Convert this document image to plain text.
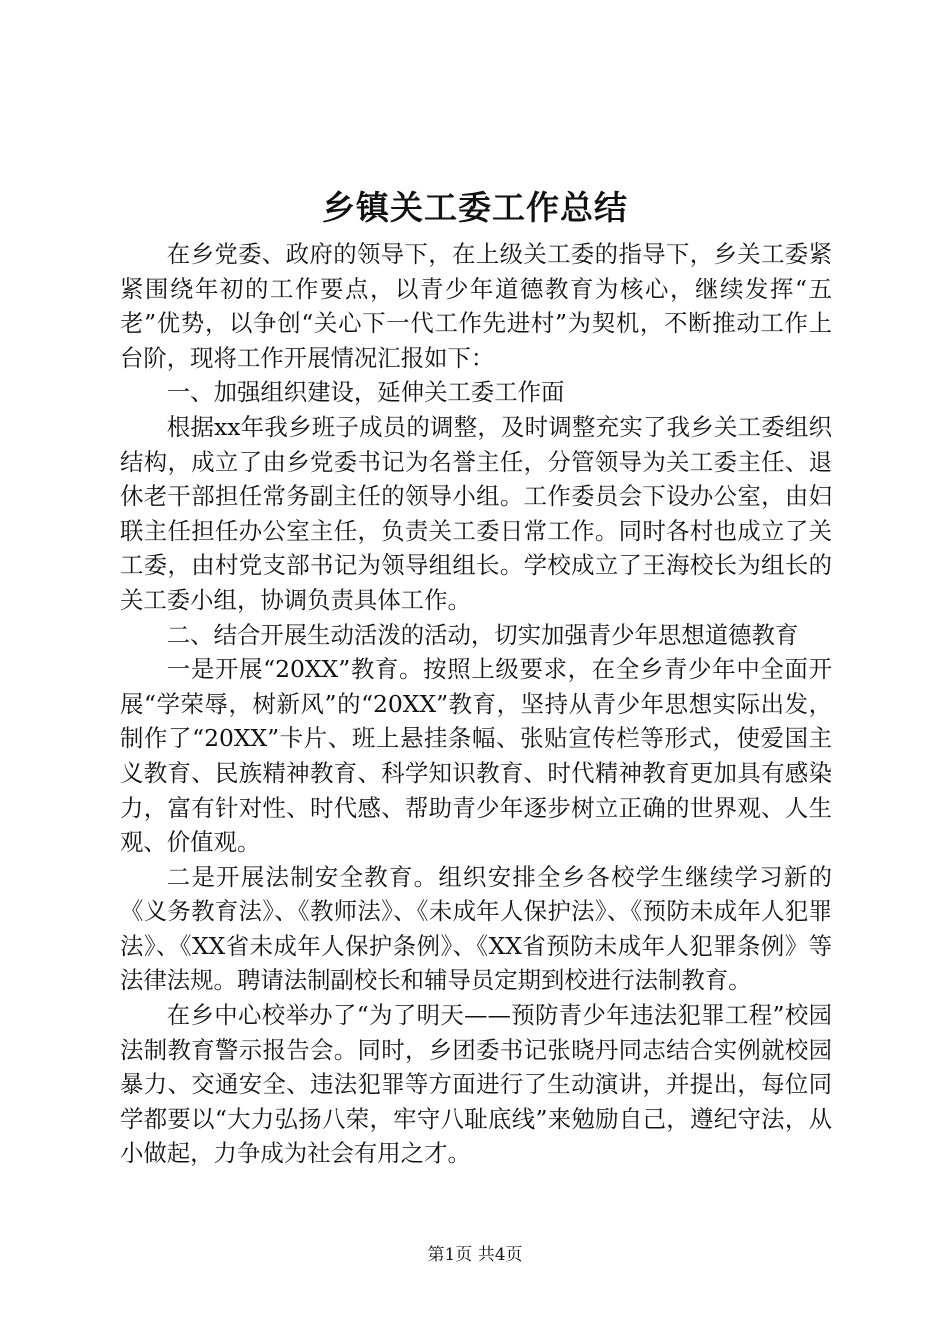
乡镇关工委工作总结

在乡党委、政府的领导下，在上级关工委的指导下，乡关工委紧紧围绕年初的工作要点，以青少年道德教育为核心，继续发挥“五老”优势，以争创“关心下一代工作先进村”为契机，不断推动工作上台阶，现将工作开展情况汇报如下：

一、加强组织建设，延伸关工委工作面

根据xx年我乡班子成员的调整，及时调整充实了我乡关工委组织结构，成立了由乡党委书记为名誉主任，分管领导为关工委主任、退休老干部担任常务副主任的领导小组。工作委员会下设办公室，由妇联主任担任办公室主任，负责关工委日常工作。同时各村也成立了关工委，由村党支部书记为领导组组长。学校成立了王海校长为组长的关工委小组，协调负责具体工作。

二、结合开展生动活泼的活动，切实加强青少年思想道德教育

一是开展“20XX”教育。按照上级要求，在全乡青少年中全面开展“学荣辱，树新风”的“20XX”教育，坚持从青少年思想实际出发，制作了“20XX”卡片、班上悬挂条幅、张贴宣传栏等形式，使爱国主义教育、民族精神教育、科学知识教育、时代精神教育更加具有感染力，富有针对性、时代感、帮助青少年逐步树立正确的世界观、人生观、价值观。

二是开展法制安全教育。组织安排全乡各校学生继续学习新的《义务教育法》、《教师法》、《未成年人保护法》、《预防未成年人犯罪法》、《XX省未成年人保护条例》、《XX省预防未成年人犯罪条例》等法律法规。聘请法制副校长和辅导员定期到校进行法制教育。

在乡中心校举办了“为了明天——预防青少年违法犯罪工程”校园法制教育警示报告会。同时，乡团委书记张晓丹同志结合实例就校园暴力、交通安全、违法犯罪等方面进行了生动演讲，并提出，每位同学都要以“大力弘扬八荣，牢守八耻底线”来勉励自己，遵纪守法，从小做起，力争成为社会有用之才。

第1页 共4页
